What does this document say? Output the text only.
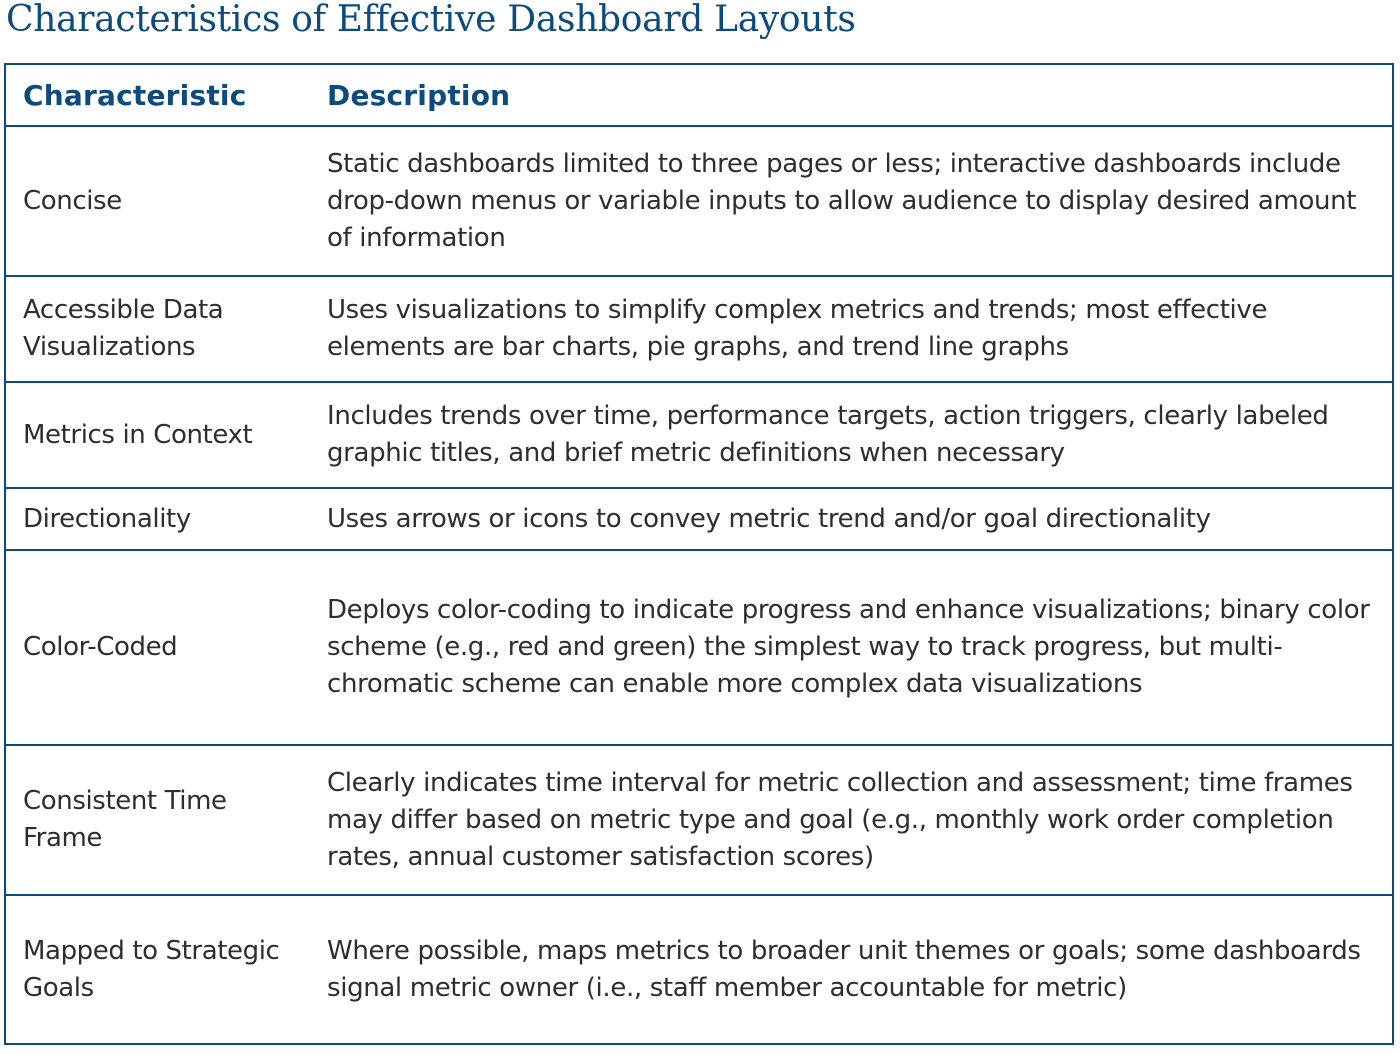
Characteristics of Effective Dashboard Layouts
Characteristic	Description
Concise
Static dashboards limited to three pages or less; interactive dashboards include drop-down menus or variable inputs to allow audience to display desired amount of information
Accessible Data Visualizations
Uses visualizations to simplify complex metrics and trends; most effective elements are bar charts, pie graphs, and trend line graphs
Metrics in Context
Includes trends over time, performance targets, action triggers, clearly labeled graphic titles, and brief metric definitions when necessary
Directionality	Uses arrows or icons to convey metric trend and/or goal directionality
Color-Coded
Deploys color-coding to indicate progress and enhance visualizations; binary color scheme (e.g., red and green) the simplest way to track progress, but multi-chromatic scheme can enable more complex data visualizations
Consistent Time Frame
Clearly indicates time interval for metric collection and assessment; time frames may differ based on metric type and goal (e.g., monthly work order completion rates, annual customer satisfaction scores)
Mapped to Strategic Goals
Where possible, maps metrics to broader unit themes or goals; some dashboards signal metric owner (i.e., staff member accountable for metric)
